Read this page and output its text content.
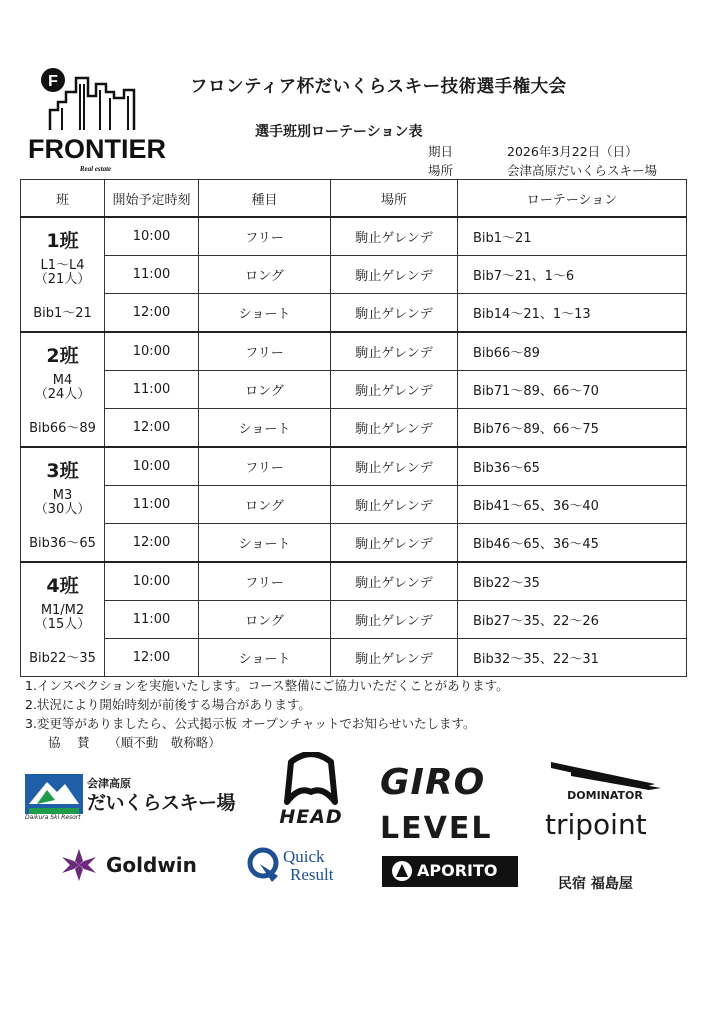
F
FRONTIER
Real estate
フロンティア杯だいくらスキー技術選手権大会
選手班別ローテーション表
期日	2026年3月22日（日）
場所	会津高原だいくらスキー場
班	開始予定時刻	種目	場所	ローテーション

1班
L1～L4
（21人）
Bib1～21	10:00	フリー	駒止ゲレンデ	Bib1～21
	11:00	ロング	駒止ゲレンデ	Bib7～21、1～6
	12:00	ショート	駒止ゲレンデ	Bib14～21、1～13

2班
M4
（24人）
Bib66～89	10:00	フリー	駒止ゲレンデ	Bib66～89
	11:00	ロング	駒止ゲレンデ	Bib71～89、66～70
	12:00	ショート	駒止ゲレンデ	Bib76～89、66～75

3班
M3
（30人）
Bib36～65	10:00	フリー	駒止ゲレンデ	Bib36～65
	11:00	ロング	駒止ゲレンデ	Bib41～65、36～40
	12:00	ショート	駒止ゲレンデ	Bib46～65、36～45

4班
M1/M2
（15人）
Bib22～35	10:00	フリー	駒止ゲレンデ	Bib22～35
	11:00	ロング	駒止ゲレンデ	Bib27～35、22～26
	12:00	ショート	駒止ゲレンデ	Bib32～35、22～31
1.インスペクションを実施いたします。コース整備にご協力いただくことがあります。
2.状況により開始時刻が前後する場合があります。
3.変更等がありましたら、公式掲示板 オープンチャットでお知らせいたします。
協　 賛　　（順不動　敬称略）
会津高原
だいくらスキー場
Daikura Ski Resort	HEAD
GIRO	DOMINATOR
LEVEL	tripoint
Goldwin	Quick
Result	APORITO
民宿 福島屋
